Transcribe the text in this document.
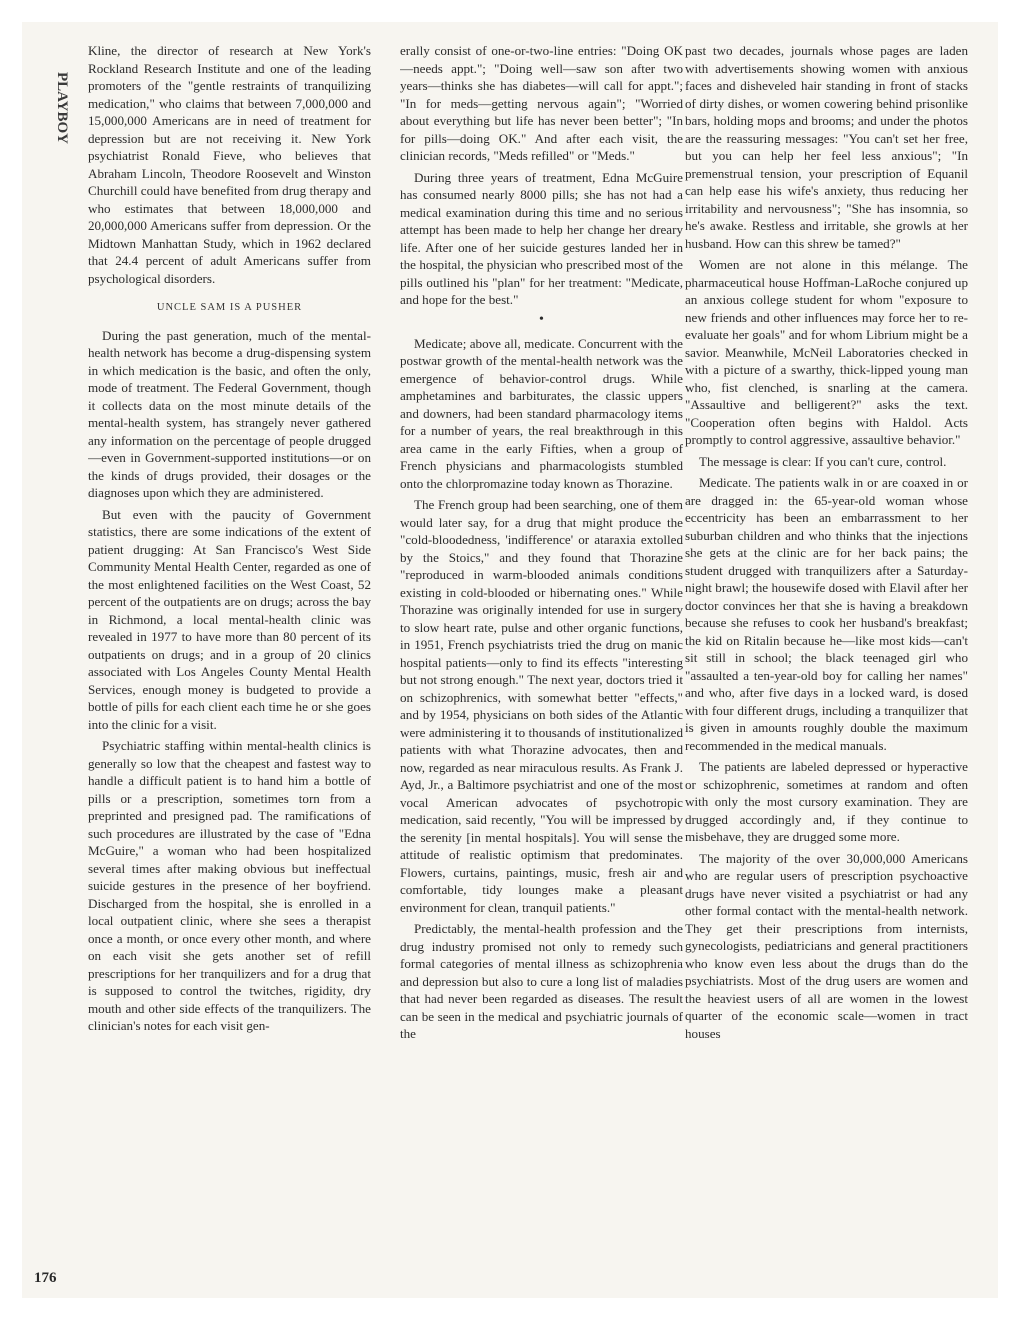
PLAYBOY
176

Kline, the director of research at New York's Rockland Research Institute and one of the leading promoters of the "gentle restraints of tranquilizing medication," who claims that between 7,000,000 and 15,000,000 Americans are in need of treatment for depression but are not receiving it. New York psychiatrist Ronald Fieve, who believes that Abraham Lincoln, Theodore Roosevelt and Winston Churchill could have benefited from drug therapy and who estimates that between 18,000,000 and 20,000,000 Americans suffer from depression. Or the Midtown Manhattan Study, which in 1962 declared that 24.4 percent of adult Americans suffer from psychological disorders.

UNCLE SAM IS A PUSHER

During the past generation, much of the mental-health network has become a drug-dispensing system in which medication is the basic, and often the only, mode of treatment. The Federal Government, though it collects data on the most minute details of the mental-health system, has strangely never gathered any information on the percentage of people drugged—even in Government-supported institutions—or on the kinds of drugs provided, their dosages or the diagnoses upon which they are administered.

But even with the paucity of Government statistics, there are some indications of the extent of patient drugging: At San Francisco's West Side Community Mental Health Center, regarded as one of the most enlightened facilities on the West Coast, 52 percent of the outpatients are on drugs; across the bay in Richmond, a local mental-health clinic was revealed in 1977 to have more than 80 percent of its outpatients on drugs; and in a group of 20 clinics associated with Los Angeles County Mental Health Services, enough money is budgeted to provide a bottle of pills for each client each time he or she goes into the clinic for a visit.

Psychiatric staffing within mental-health clinics is generally so low that the cheapest and fastest way to handle a difficult patient is to hand him a bottle of pills or a prescription, sometimes torn from a preprinted and presigned pad. The ramifications of such procedures are illustrated by the case of "Edna McGuire," a woman who had been hospitalized several times after making obvious but ineffectual suicide gestures in the presence of her boyfriend. Discharged from the hospital, she is enrolled in a local outpatient clinic, where she sees a therapist once a month, or once every other month, and where on each visit she gets another set of refill prescriptions for her tranquilizers and for a drug that is supposed to control the twitches, rigidity, dry mouth and other side effects of the tranquilizers. The clinician's notes for each visit gen-

erally consist of one-or-two-line entries: "Doing OK—needs appt."; "Doing well—saw son after two years—thinks she has diabetes—will call for appt."; "In for meds—getting nervous again"; "Worried about everything but life has never been better"; "In for pills—doing OK." And after each visit, the clinician records, "Meds refilled" or "Meds."

During three years of treatment, Edna McGuire has consumed nearly 8000 pills; she has not had a medical examination during this time and no serious attempt has been made to help her change her dreary life. After one of her suicide gestures landed her in the hospital, the physician who prescribed most of the pills outlined his "plan" for her treatment: "Medicate, and hope for the best."

•

Medicate; above all, medicate. Concurrent with the postwar growth of the mental-health network was the emergence of behavior-control drugs. While amphetamines and barbiturates, the classic uppers and downers, had been standard pharmacology items for a number of years, the real breakthrough in this area came in the early Fifties, when a group of French physicians and pharmacologists stumbled onto the chlorpromazine today known as Thorazine.

The French group had been searching, one of them would later say, for a drug that might produce the "cold-bloodedness, 'indifference' or ataraxia extolled by the Stoics," and they found that Thorazine "reproduced in warm-blooded animals conditions existing in cold-blooded or hibernating ones." While Thorazine was originally intended for use in surgery to slow heart rate, pulse and other organic functions, in 1951, French psychiatrists tried the drug on manic hospital patients—only to find its effects "interesting but not strong enough." The next year, doctors tried it on schizophrenics, with somewhat better "effects," and by 1954, physicians on both sides of the Atlantic were administering it to thousands of institutionalized patients with what Thorazine advocates, then and now, regarded as near miraculous results. As Frank J. Ayd, Jr., a Baltimore psychiatrist and one of the most vocal American advocates of psychotropic medication, said recently, "You will be impressed by the serenity [in mental hospitals]. You will sense the attitude of realistic optimism that predominates. Flowers, curtains, paintings, music, fresh air and comfortable, tidy lounges make a pleasant environment for clean, tranquil patients."

Predictably, the mental-health profession and the drug industry promised not only to remedy such formal categories of mental illness as schizophrenia and depression but also to cure a long list of maladies that had never been regarded as diseases. The result can be seen in the medical and psychiatric journals of the

past two decades, journals whose pages are laden with advertisements showing women with anxious faces and disheveled hair standing in front of stacks of dirty dishes, or women cowering behind prisonlike bars, holding mops and brooms; and under the photos are the reassuring messages: "You can't set her free, but you can help her feel less anxious"; "In premenstrual tension, your prescription of Equanil can help ease his wife's anxiety, thus reducing her irritability and nervousness"; "She has insomnia, so he's awake. Restless and irritable, she growls at her husband. How can this shrew be tamed?"

Women are not alone in this mélange. The pharmaceutical house Hoffman-LaRoche conjured up an anxious college student for whom "exposure to new friends and other influences may force her to re-evaluate her goals" and for whom Librium might be a savior. Meanwhile, McNeil Laboratories checked in with a picture of a swarthy, thick-lipped young man who, fist clenched, is snarling at the camera. "Assaultive and belligerent?" asks the text. "Cooperation often begins with Haldol. Acts promptly to control aggressive, assaultive behavior."

The message is clear: If you can't cure, control.

Medicate. The patients walk in or are coaxed in or are dragged in: the 65-year-old woman whose eccentricity has been an embarrassment to her suburban children and who thinks that the injections she gets at the clinic are for her back pains; the student drugged with tranquilizers after a Saturday-night brawl; the housewife dosed with Elavil after her doctor convinces her that she is having a breakdown because she refuses to cook her husband's breakfast; the kid on Ritalin because he—like most kids—can't sit still in school; the black teenaged girl who "assaulted a ten-year-old boy for calling her names" and who, after five days in a locked ward, is dosed with four different drugs, including a tranquilizer that is given in amounts roughly double the maximum recommended in the medical manuals.

The patients are labeled depressed or hyperactive or schizophrenic, sometimes at random and often with only the most cursory examination. They are drugged accordingly and, if they continue to misbehave, they are drugged some more.

The majority of the over 30,000,000 Americans who are regular users of prescription psychoactive drugs have never visited a psychiatrist or had any other formal contact with the mental-health network. They get their prescriptions from internists, gynecologists, pediatricians and general practitioners who know even less about the drugs than do the psychiatrists. Most of the drug users are women and the heaviest users of all are women in the lowest quarter of the economic scale—women in tract houses
